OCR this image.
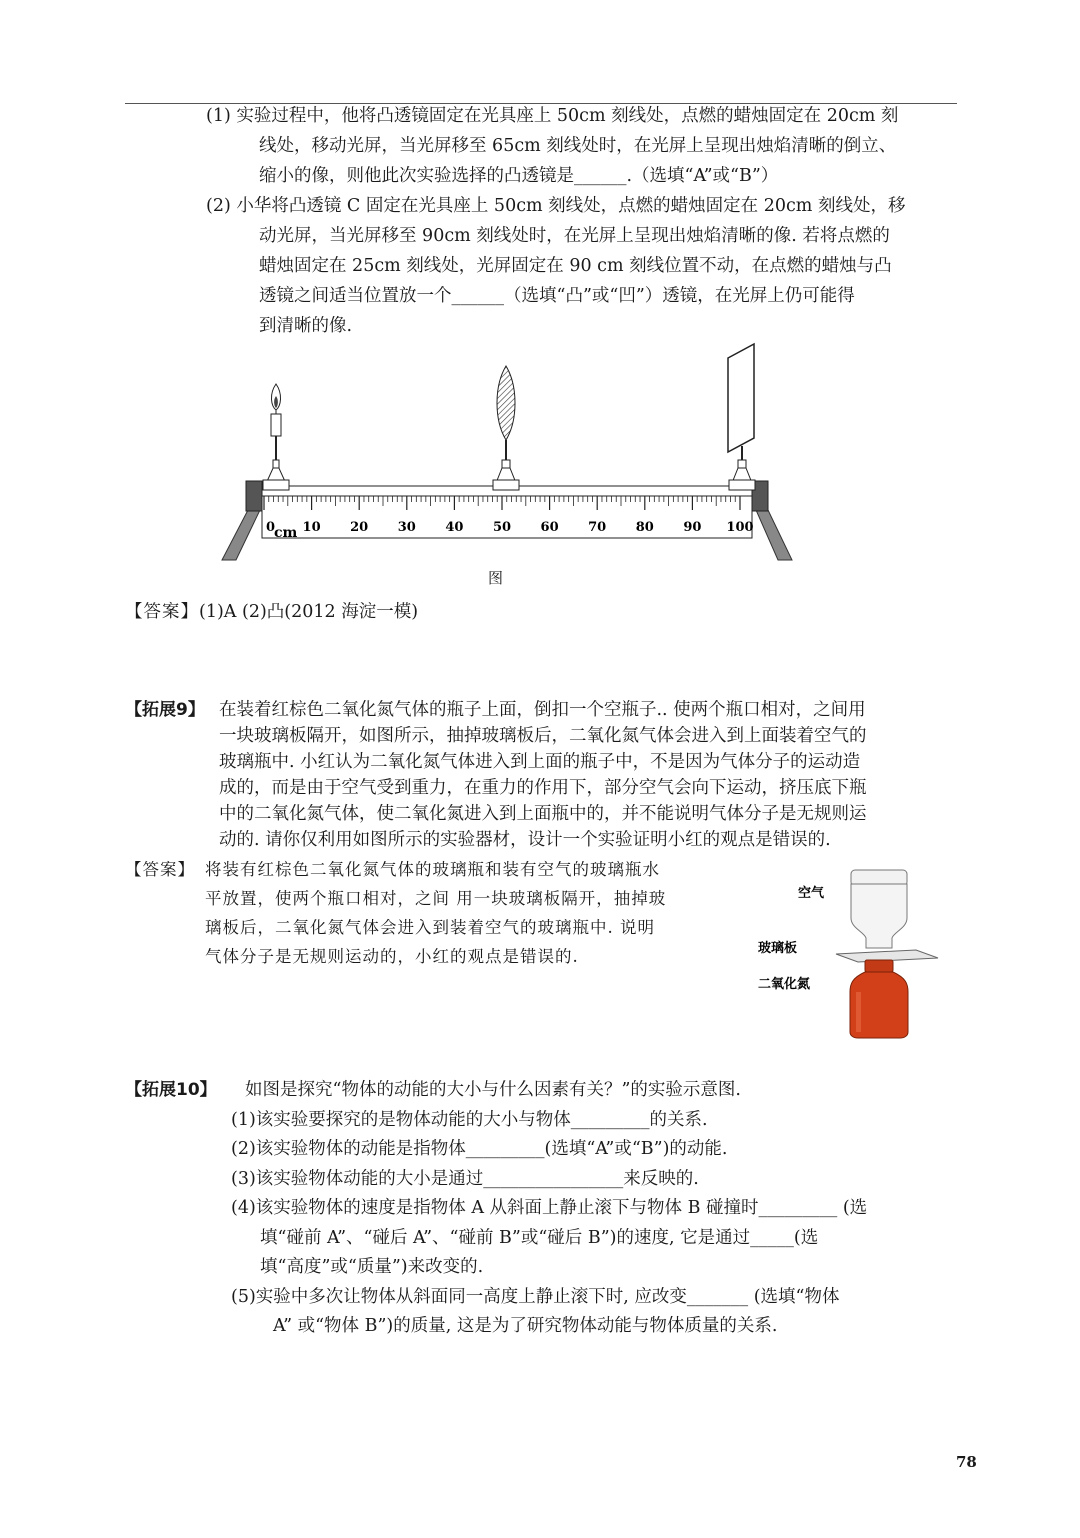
(1) 实验过程中，他将凸透镜固定在光具座上 50cm 刻线处，点燃的蜡烛固定在 20cm 刻
线处，移动光屏，当光屏移至 65cm 刻线处时，在光屏上呈现出烛焰清晰的倒立、
缩小的像，则他此次实验选择的凸透镜是______.（选填“A”或“B”）
(2) 小华将凸透镜 C 固定在光具座上 50cm 刻线处，点燃的蜡烛固定在 20cm 刻线处，移
动光屏，当光屏移至 90cm 刻线处时，在光屏上呈现出烛焰清晰的像. 若将点燃的
蜡烛固定在 25cm 刻线处，光屏固定在 90 cm 刻线位置不动，在点燃的蜡烛与凸
透镜之间适当位置放一个______（选填“凸”或“凹”）透镜，在光屏上仍可能得
到清晰的像.
0 10 20 30 40 50 60 70 80 90 100
cm
图
【答案】(1)A (2)凸(2012 海淀一模)
【拓展9】 在装着红棕色二氧化氮气体的瓶子上面，倒扣一个空瓶子.. 使两个瓶口相对，之间用
一块玻璃板隔开，如图所示，抽掉玻璃板后，二氧化氮气体会进入到上面装着空气的
玻璃瓶中. 小红认为二氧化氮气体进入到上面的瓶子中，不是因为气体分子的运动造
成的，而是由于空气受到重力，在重力的作用下，部分空气会向下运动，挤压底下瓶
中的二氧化氮气体，使二氧化氮进入到上面瓶中的，并不能说明气体分子是无规则运
动的. 请你仅利用如图所示的实验器材，设计一个实验证明小红的观点是错误的.
【答案】 将装有红棕色二氧化氮气体的玻璃瓶和装有空气的玻璃瓶水
平放置，使两个瓶口相对，之间 用一块玻璃板隔开，抽掉玻
璃板后，二氧化氮气体会进入到装着空气的玻璃瓶中. 说明
气体分子是无规则运动的，小红的观点是错误的.
空气
玻璃板
二氧化氮
【拓展10】 如图是探究“物体的动能的大小与什么因素有关？”的实验示意图.
(1)该实验要探究的是物体动能的大小与物体_________的关系.
(2)该实验物体的动能是指物体_________(选填“A”或“B”)的动能.
(3)该实验物体动能的大小是通过________________来反映的.
(4)该实验物体的速度是指物体 A 从斜面上静止滚下与物体 B 碰撞时_________ (选
填“碰前 A”、“碰后 A”、“碰前 B”或“碰后 B”)的速度, 它是通过_____(选
填“高度”或“质量”)来改变的.
(5)实验中多次让物体从斜面同一高度上静止滚下时, 应改变_______ (选填“物体
A” 或“物体 B”)的质量, 这是为了研究物体动能与物体质量的关系.
78
